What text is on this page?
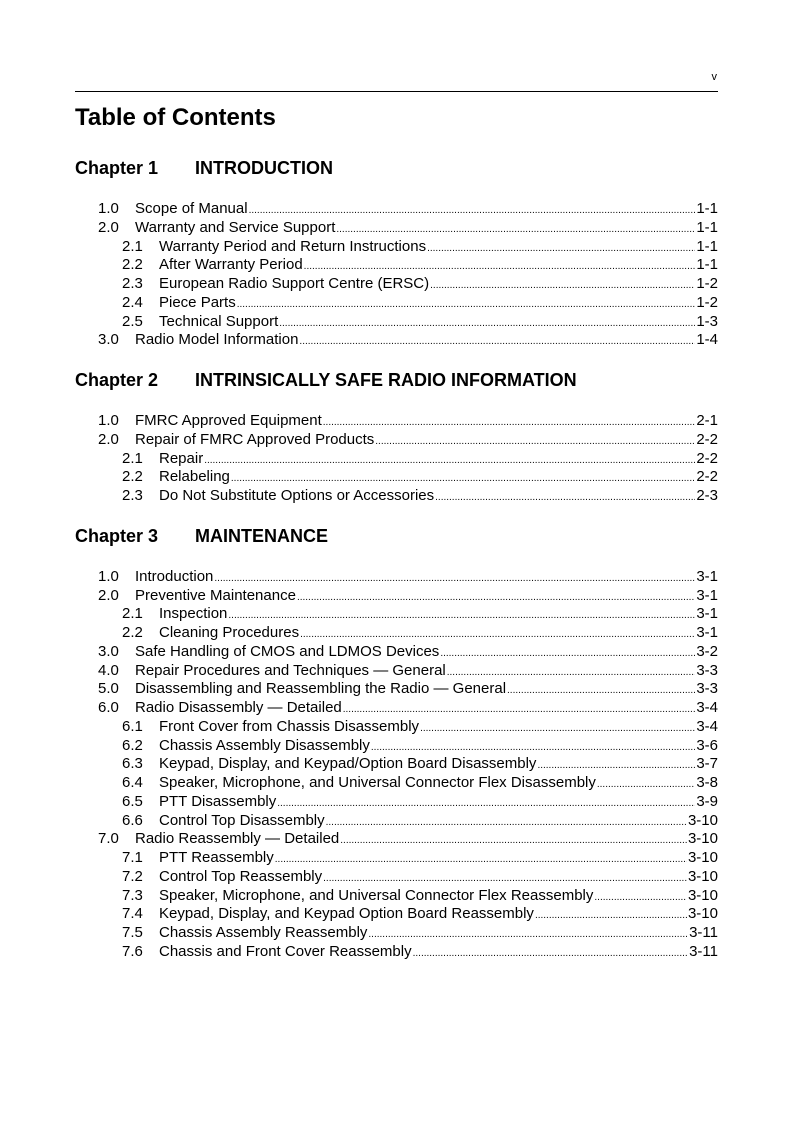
v
Table of Contents
Chapter 1	INTRODUCTION
1.0	Scope of Manual .....	1-1
2.0	Warranty and Service Support .....	1-1
2.1	Warranty Period and Return Instructions .....	1-1
2.2	After Warranty Period .....	1-1
2.3	European Radio Support Centre (ERSC) .....	1-2
2.4	Piece Parts .....	1-2
2.5	Technical Support .....	1-3
3.0	Radio Model Information .....	1-4
Chapter 2	INTRINSICALLY SAFE RADIO INFORMATION
1.0	FMRC Approved Equipment .....	2-1
2.0	Repair of FMRC Approved Products .....	2-2
2.1	Repair .....	2-2
2.2	Relabeling .....	2-2
2.3	Do Not Substitute Options or Accessories .....	2-3
Chapter 3	MAINTENANCE
1.0	Introduction .....	3-1
2.0	Preventive Maintenance .....	3-1
2.1	Inspection .....	3-1
2.2	Cleaning Procedures .....	3-1
3.0	Safe Handling of CMOS and LDMOS Devices .....	3-2
4.0	Repair Procedures and Techniques — General .....	3-3
5.0	Disassembling and Reassembling the Radio — General .....	3-3
6.0	Radio Disassembly — Detailed .....	3-4
6.1	Front Cover from Chassis Disassembly .....	3-4
6.2	Chassis Assembly Disassembly .....	3-6
6.3	Keypad, Display, and Keypad/Option Board Disassembly .....	3-7
6.4	Speaker, Microphone, and Universal Connector Flex Disassembly .....	3-8
6.5	PTT Disassembly .....	3-9
6.6	Control Top Disassembly .....	3-10
7.0	Radio Reassembly — Detailed .....	3-10
7.1	PTT Reassembly .....	3-10
7.2	Control Top Reassembly .....	3-10
7.3	Speaker, Microphone, and Universal Connector Flex Reassembly .....	3-10
7.4	Keypad, Display, and Keypad Option Board Reassembly .....	3-10
7.5	Chassis Assembly Reassembly .....	3-11
7.6	Chassis and Front Cover Reassembly .....	3-11
